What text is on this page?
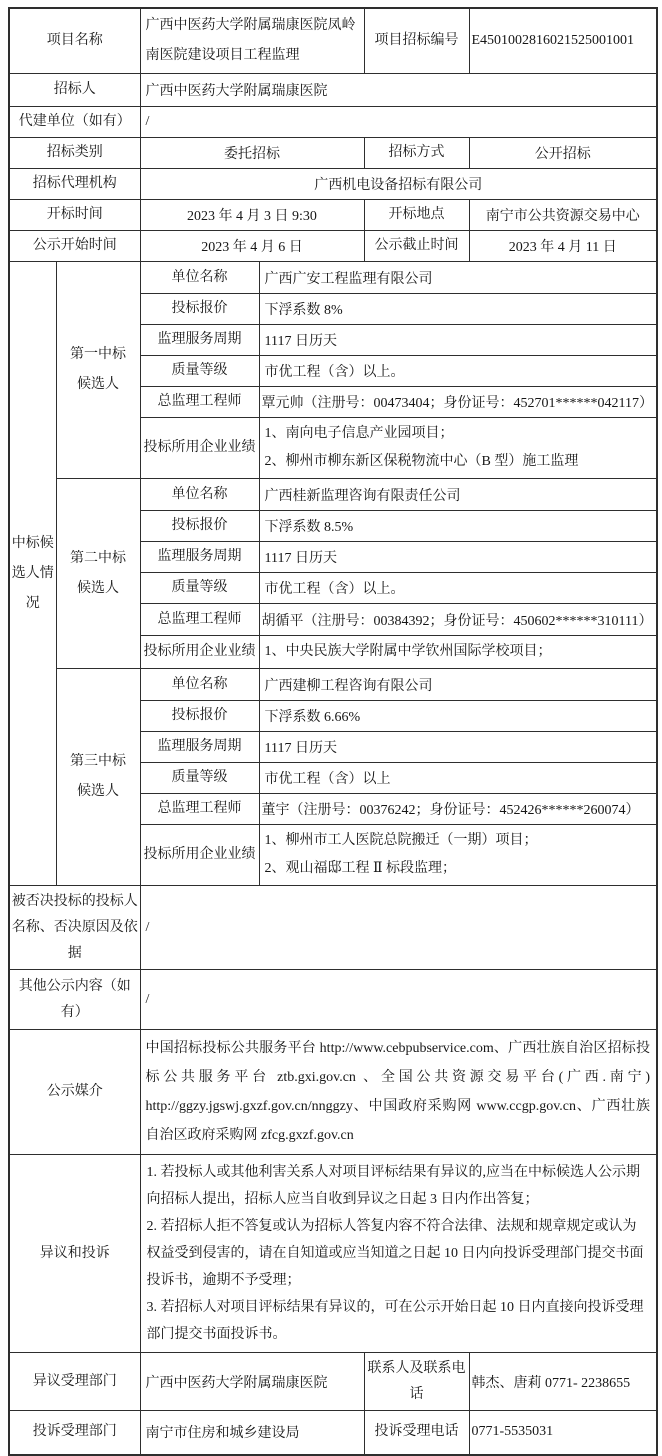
项目名称		广西中医药大学附属瑞康医院凤岭南医院建设项目工程监理		项目招标编号	E4501002816021525001001
招标人		广西中医药大学附属瑞康医院			
代建单位（如有）		/			
招标类别		委托招标		招标方式	公开招标
招标代理机构		广西机电设备招标有限公司			
开标时间		2023 年 4 月 3 日 9:30		开标地点	南宁市公共资源交易中心
公示开始时间		2023 年 4 月 6 日		公示截止时间	2023 年 4 月 11 日
中标候选人情况	第一中标候选人	单位名称	广西广安工程监理有限公司		
		投标报价	下浮系数 8%		
		监理服务周期	1117 日历天		
		质量等级	市优工程（含）以上。		
		总监理工程师	覃元帅（注册号：00473404；身份证号：452701******042117）		
		投标所用企业业绩	1、南向电子信息产业园项目；
2、柳州市柳东新区保税物流中心（B 型）施工监理		

	第二中标候选人	单位名称	广西桂新监理咨询有限责任公司		
		投标报价	下浮系数 8.5%		
		监理服务周期	1117 日历天		
		质量等级	市优工程（含）以上。		
		总监理工程师	胡循平（注册号：00384392；身份证号：450602******310111）		
		投标所用企业业绩	1、中央民族大学附属中学钦州国际学校项目；		

	第三中标候选人	单位名称	广西建柳工程咨询有限公司		
		投标报价	下浮系数 6.66%		
		监理服务周期	1117 日历天		
		质量等级	市优工程（含）以上		
		总监理工程师	董宇（注册号：00376242；身份证号：452426******260074）		
		投标所用企业业绩	1、柳州市工人医院总院搬迁（一期）项目；
2、观山福邸工程 Ⅱ 标段监理；		

被否决投标的投标人名称、否决原因及依据		/			
其他公示内容（如有）		/			
公示媒介		中国招标投标公共服务平台 http://www.cebpubservice.com、广西壮族自治区招标投标公共服务平台 ztb.gxi.gov.cn 、全国公共资源交易平台(广西.南宁) http://ggzy.jgswj.gxzf.gov.cn/nnggzy、中国政府采购网 www.ccgp.gov.cn、广西壮族自治区政府采购网 zfcg.gxzf.gov.cn			
异议和投诉		1. 若投标人或其他利害关系人对项目评标结果有异议的,应当在中标候选人公示期向招标人提出，招标人应当自收到异议之日起 3 日内作出答复；
2. 若招标人拒不答复或认为招标人答复内容不符合法律、法规和规章规定或认为权益受到侵害的，请在自知道或应当知道之日起 10 日内向投诉受理部门提交书面投诉书，逾期不予受理；
3. 若招标人对项目评标结果有异议的，可在公示开始日起 10 日内直接向投诉受理部门提交书面投诉书。			

异议受理部门		广西中医药大学附属瑞康医院		联系人及联系电话	韩杰、唐莉 0771- 2238655
投诉受理部门		南宁市住房和城乡建设局		投诉受理电话	0771-5535031
